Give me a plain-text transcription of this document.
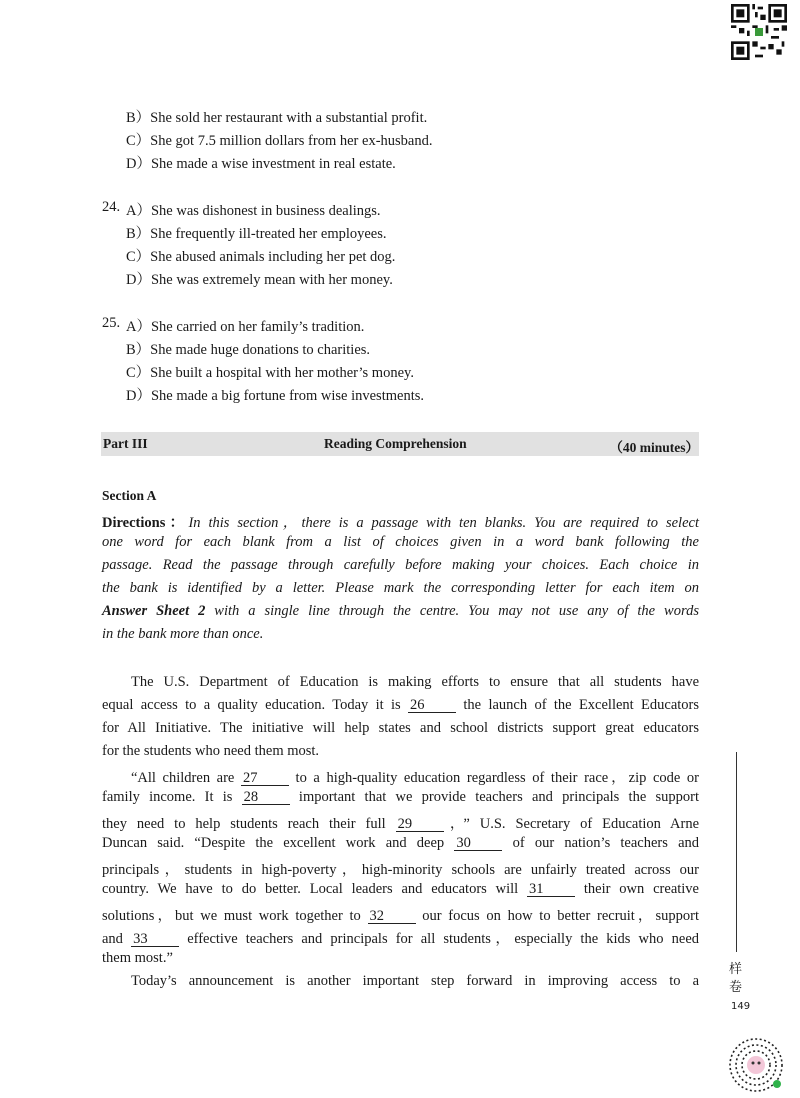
B）She sold her restaurant with a substantial profit.
C）She got 7.5 million dollars from her ex-husband.
D）She made a wise investment in real estate.
24. A）She was dishonest in business dealings.
B）She frequently ill-treated her employees.
C）She abused animals including her pet dog.
D）She was extremely mean with her money.
25. A）She carried on her family’s tradition.
B）She made huge donations to charities.
C）She built a hospital with her mother’s money.
D）She made a big fortune from wise investments.
Part III	Reading Comprehension	（40 minutes）
Section A
Directions：In this section，there is a passage with ten blanks. You are required to select
one word for each blank from a list of choices given in a word bank following the
passage. Read the passage through carefully before making your choices. Each choice in
the bank is identified by a letter. Please mark the corresponding letter for each item on
Answer Sheet 2 with a single line through the centre. You may not use any of the words
in the bank more than once.
The U.S. Department of Education is making efforts to ensure that all students have
equal access to a quality education. Today it is 26	the launch of the Excellent Educators
for All Initiative. The initiative will help states and school districts support great educators
for the students who need them most.
“All children are 27	to a high-quality education regardless of their race，zip code or
family income. It is 28	important that we provide teachers and principals the support
they need to help students reach their full 29 ，” U.S. Secretary of Education Arne
Duncan said. “Despite the excellent work and deep 30	of our nation’s teachers and
principals，students in high-poverty，high-minority schools are unfairly treated across our
country. We have to do better. Local leaders and educators will 31	their own creative
solutions，but we must work together to 32	our focus on how to better recruit，support
and 33	effective teachers and principals for all students，especially the kids who need
them most.”
Today’s announcement is another important step forward in improving access to a
样
卷
149
